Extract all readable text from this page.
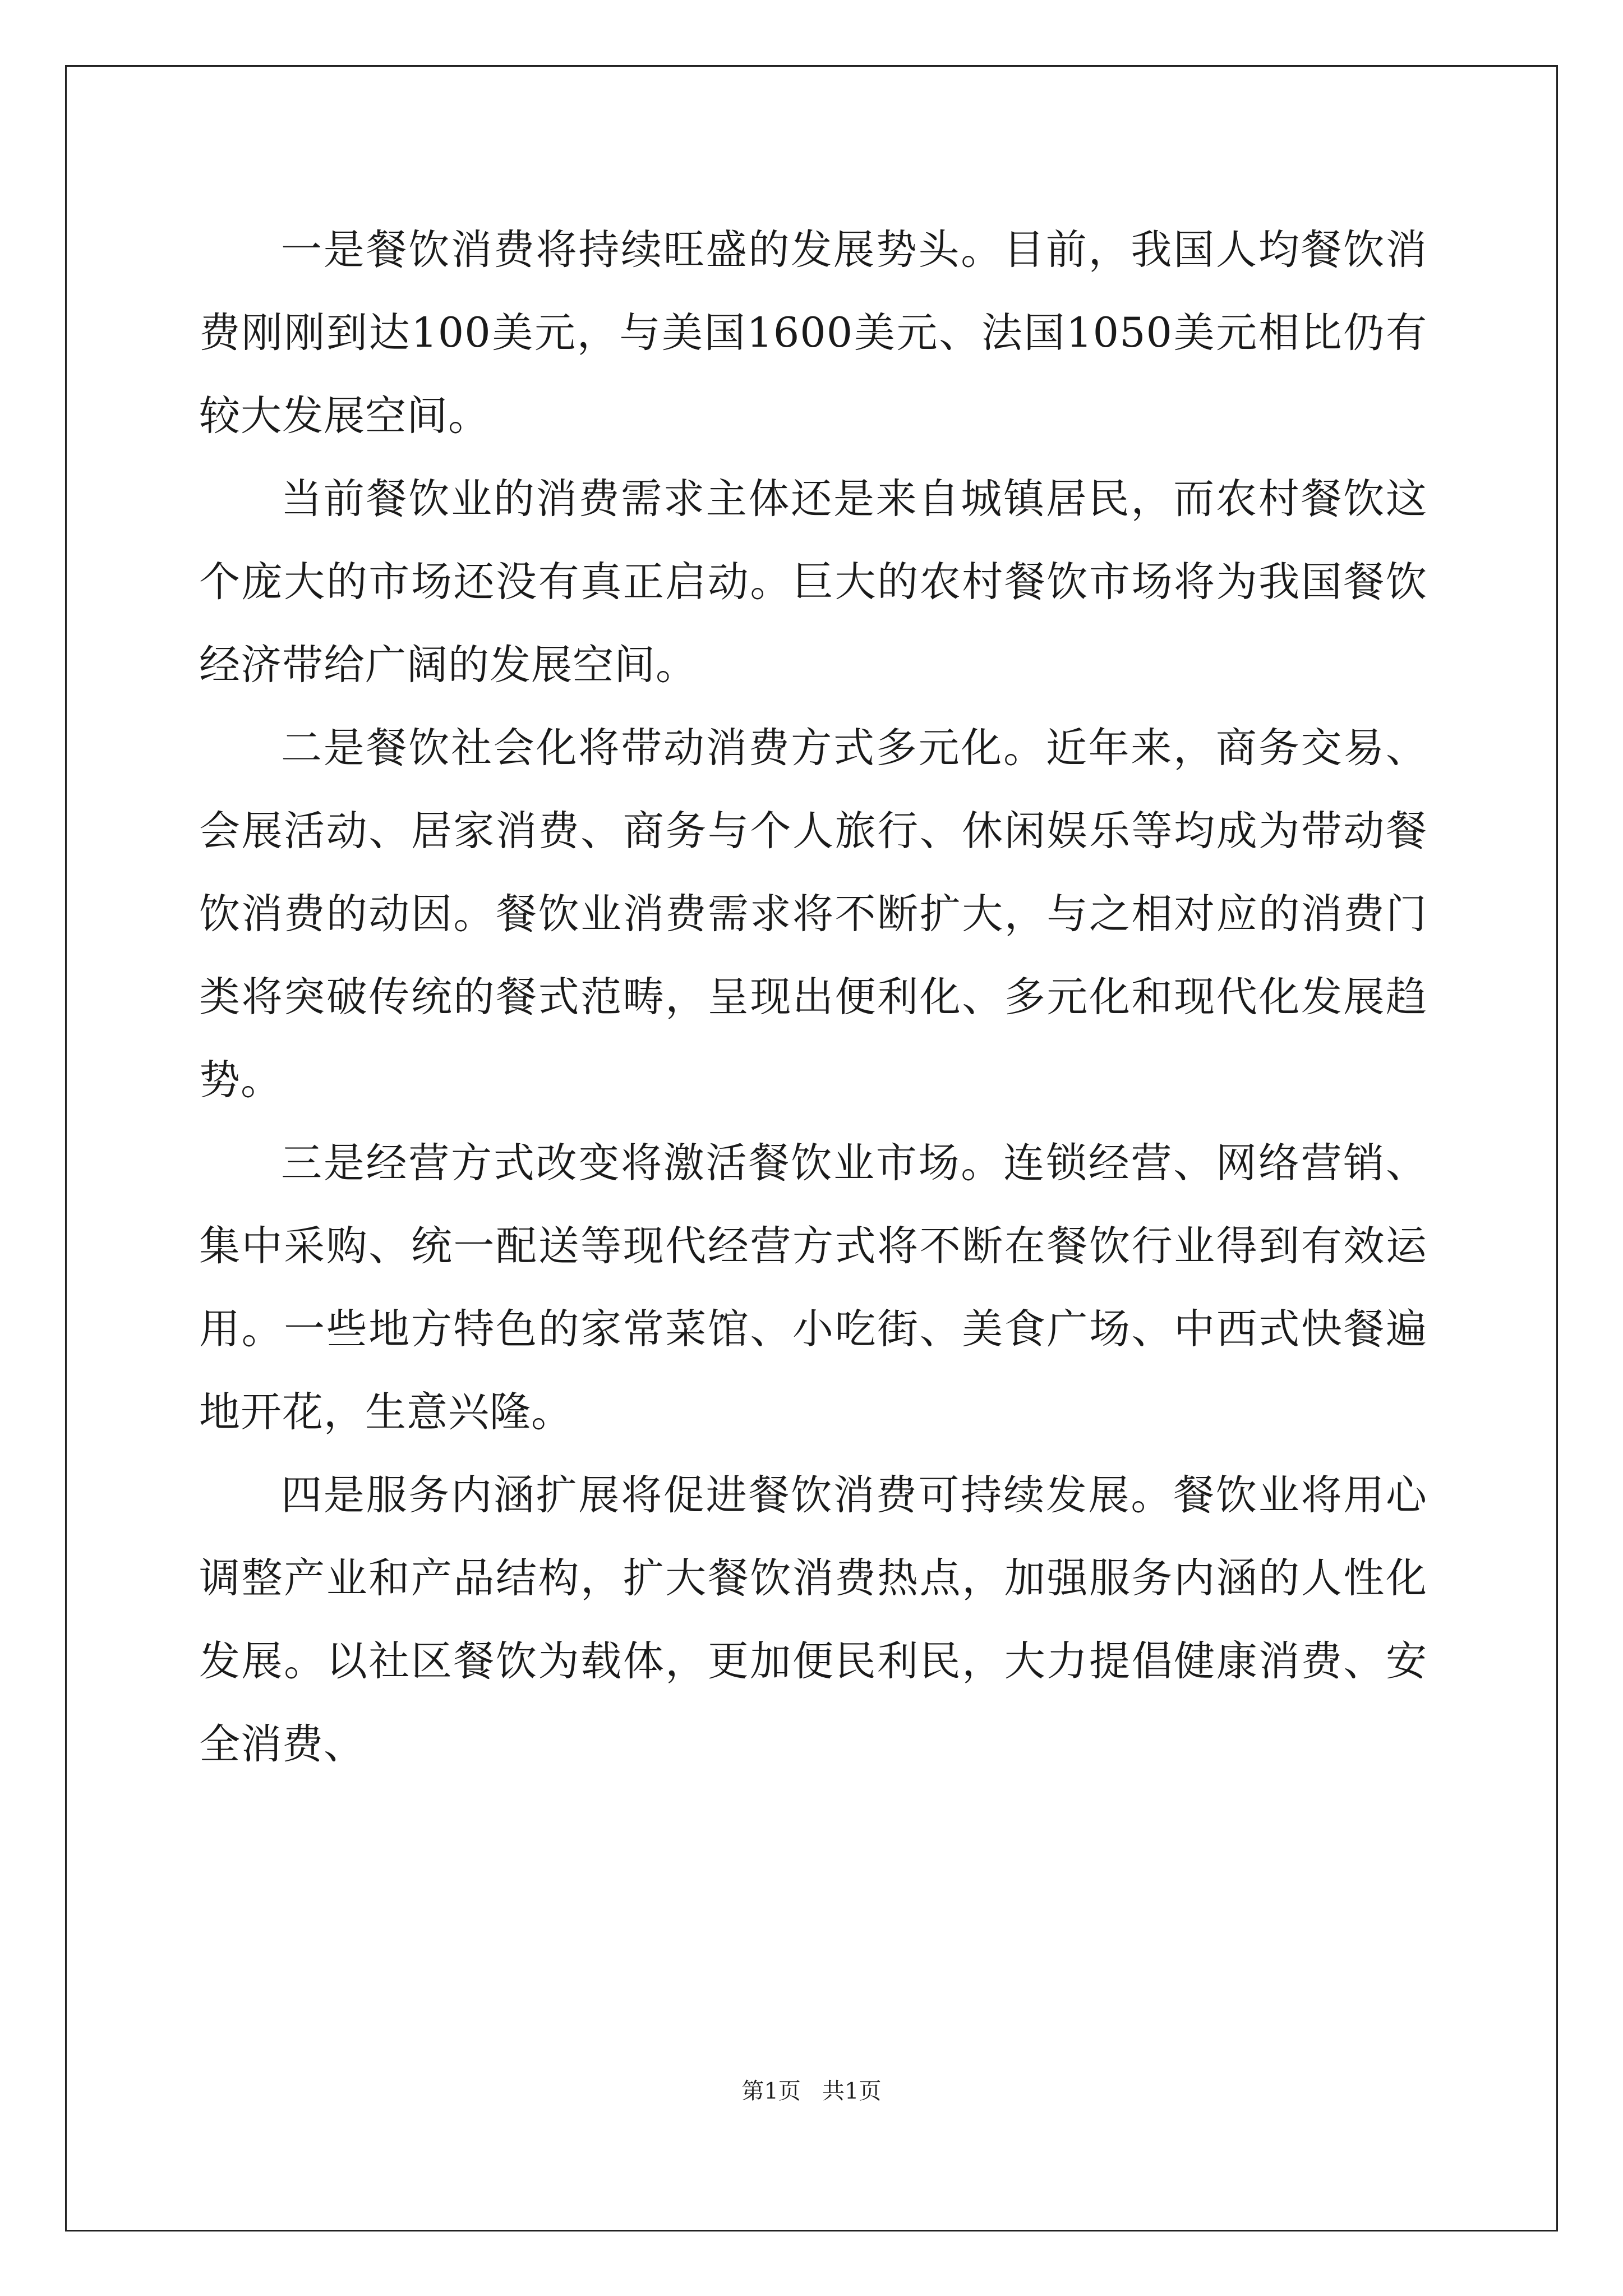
一是餐饮消费将持续旺盛的发展势头。目前，我国人均餐饮消费刚刚到达100美元，与美国1600美元、法国1050美元相比仍有较大发展空间。

当前餐饮业的消费需求主体还是来自城镇居民，而农村餐饮这个庞大的市场还没有真正启动。巨大的农村餐饮市场将为我国餐饮经济带给广阔的发展空间。

二是餐饮社会化将带动消费方式多元化。近年来，商务交易、会展活动、居家消费、商务与个人旅行、休闲娱乐等均成为带动餐饮消费的动因。餐饮业消费需求将不断扩大，与之相对应的消费门类将突破传统的餐式范畴，呈现出便利化、多元化和现代化发展趋势。

三是经营方式改变将激活餐饮业市场。连锁经营、网络营销、集中采购、统一配送等现代经营方式将不断在餐饮行业得到有效运用。一些地方特色的家常菜馆、小吃街、美食广场、中西式快餐遍地开花，生意兴隆。

四是服务内涵扩展将促进餐饮消费可持续发展。餐饮业将用心调整产业和产品结构，扩大餐饮消费热点，加强服务内涵的人性化发展。以社区餐饮为载体，更加便民利民，大力提倡健康消费、安全消费、

第1页   共1页
